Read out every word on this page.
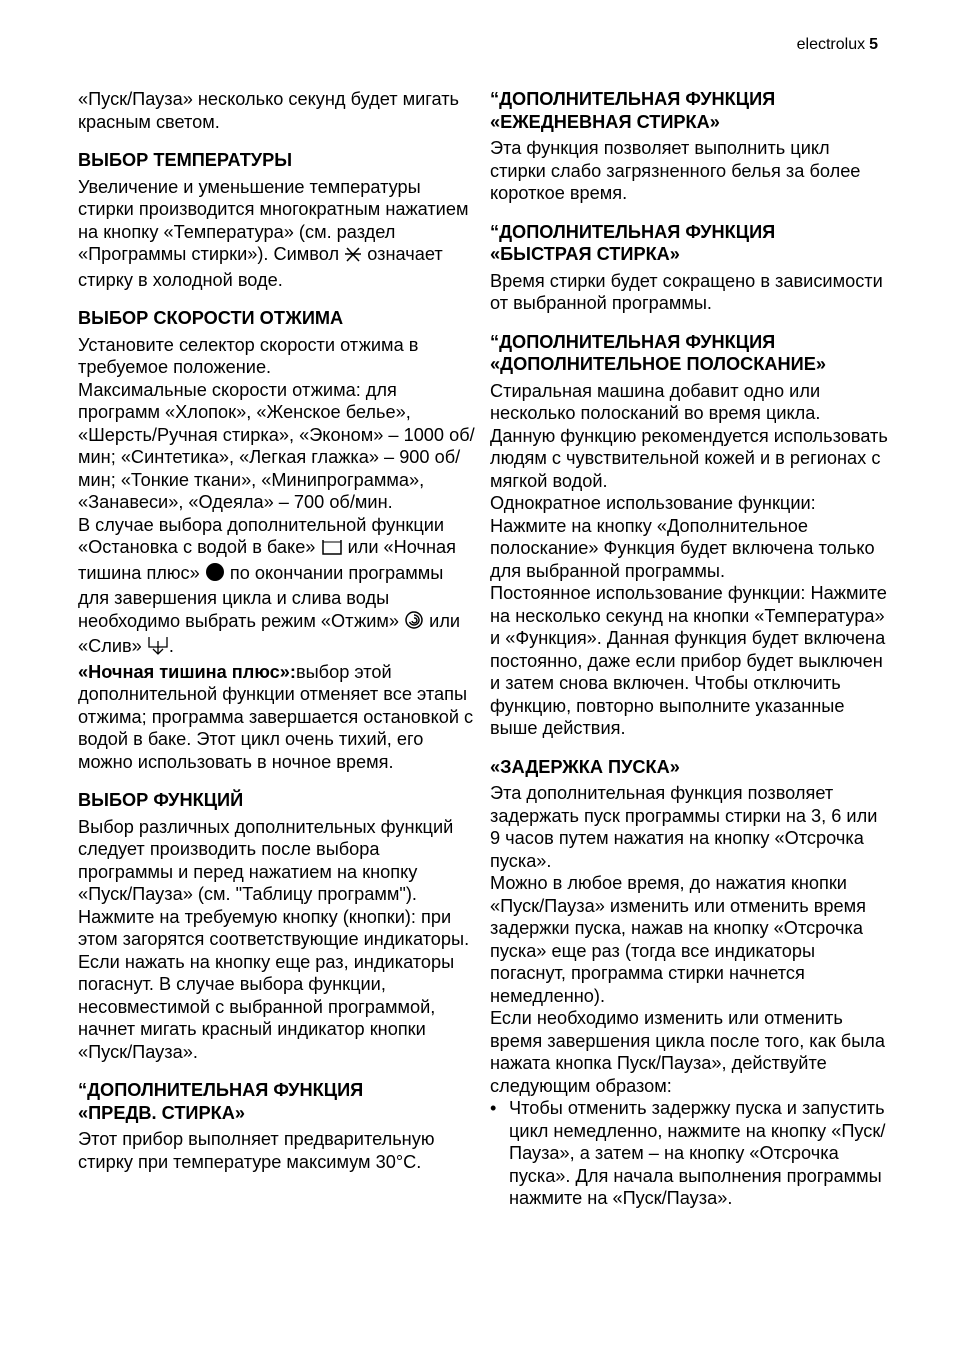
electrolux 5

«Пуск/Пауза» несколько секунд будет мигать красным светом.

ВЫБОР ТЕМПЕРАТУРЫ

Увеличение и уменьшение температуры стирки производится многократным нажатием на кнопку «Температура» (см. раздел «Программы стирки»). Символ означает стирку в холодной воде.

ВЫБОР СКОРОСТИ ОТЖИМА

Установите селектор скорости отжима в требуемое положение.

Максимальные скорости отжима: для программ «Хлопок», «Женское белье», «Шерсть/Ручная стирка», «Эконом» – 1000 об/мин; «Синтетика», «Легкая глажка» – 900 об/мин; «Тонкие ткани», «Минипрограмма», «Занавеси», «Одеяла» – 700 об/мин.

В случае выбора дополнительной функции «Остановка с водой в баке» или «Ночная тишина плюс» по окончании программы для завершения цикла и слива воды необходимо выбрать режим «Отжим» или «Слив» .

«Ночная тишина плюс»:выбор этой дополнительной функции отменяет все этапы отжима; программа завершается остановкой с водой в баке. Этот цикл очень тихий, его можно использовать в ночное время.

ВЫБОР ФУНКЦИЙ

Выбор различных дополнительных функций следует производить после выбора программы и перед нажатием на кнопку «Пуск/Пауза» (см. "Таблицу программ"). Нажмите на требуемую кнопку (кнопки): при этом загорятся соответствующие индикаторы. Если нажать на кнопку еще раз, индикаторы погаснут. В случае выбора функции, несовместимой с выбранной программой, начнет мигать красный индикатор кнопки «Пуск/Пауза».

“ДОПОЛНИТЕЛЬНАЯ ФУНКЦИЯ
«ПРЕДВ. СТИРКА»

Этот прибор выполняет предварительную стирку при температуре максимум 30°C.

“ДОПОЛНИТЕЛЬНАЯ ФУНКЦИЯ
«ЕЖЕДНЕВНАЯ СТИРКА»

Эта функция позволяет выполнить цикл стирки слабо загрязненного белья за более короткое время.

“ДОПОЛНИТЕЛЬНАЯ ФУНКЦИЯ
«БЫСТРАЯ СТИРКА»

Время стирки будет сокращено в зависимости от выбранной программы.

“ДОПОЛНИТЕЛЬНАЯ ФУНКЦИЯ
«ДОПОЛНИТЕЛЬНОЕ ПОЛОСКАНИЕ»

Стиральная машина добавит одно или несколько полосканий во время цикла. Данную функцию рекомендуется использовать людям с чувствительной кожей и в регионах с мягкой водой.

Однократное использование функции: Нажмите на кнопку «Дополнительное полоскание» Функция будет включена только для выбранной программы.

Постоянное использование функции: Нажмите на несколько секунд на кнопки «Температура» и «Функция». Данная функция будет включена постоянно, даже если прибор будет выключен и затем снова включен. Чтобы отключить функцию, повторно выполните указанные выше действия.

«ЗАДЕРЖКА ПУСКА»

Эта дополнительная функция позволяет задержать пуск программы стирки на 3, 6 или 9 часов путем нажатия на кнопку «Отсрочка пуска».

Можно в любое время, до нажатия кнопки «Пуск/Пауза» изменить или отменить время задержки пуска, нажав на кнопку «Отсрочка пуска» еще раз (тогда все индикаторы погаснут, программа стирки начнется немедленно).

Если необходимо изменить или отменить время завершения цикла после того, как была нажата кнопка Пуск/Пауза», действуйте следующим образом:

• Чтобы отменить задержку пуска и запустить цикл немедленно, нажмите на кнопку «Пуск/Пауза», а затем – на кнопку «Отсрочка пуска». Для начала выполнения программы нажмите на «Пуск/Пауза».
